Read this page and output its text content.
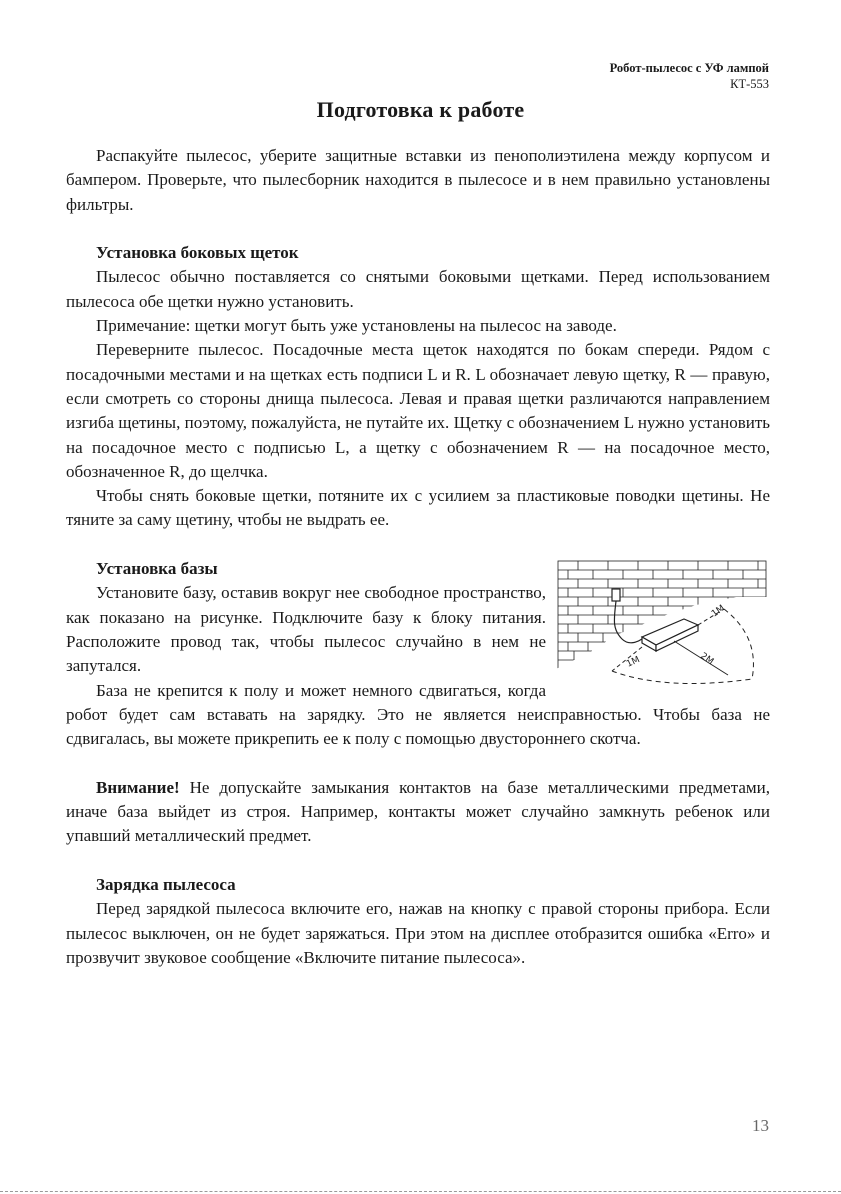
Робот-пылесос с УФ лампой
КТ-553
Подготовка к работе

Распакуйте пылесос, уберите защитные вставки из пенополиэтилена между корпусом и бампером. Проверьте, что пылесборник находится в пылесосе и в нем правильно установлены фильтры.

Установка боковых щеток

Пылесос обычно поставляется со снятыми боковыми щетками. Перед использованием пылесоса обе щетки нужно установить.

Примечание: щетки могут быть уже установлены на пылесос на заводе.

Переверните пылесос. Посадочные места щеток находятся по бокам спереди. Рядом с посадочными местами и на щетках есть подписи L и R. L обозначает левую щетку, R — правую, если смотреть со стороны днища пылесоса. Левая и правая щетки различаются направлением изгиба щетины, поэтому, пожалуйста, не путайте их. Щетку с обозначением L нужно установить на посадочное место с подписью L, а щетку с обозначением R — на посадочное место, обозначенное R, до щелчка.

Чтобы снять боковые щетки, потяните их с усилием за пластиковые поводки щетины. Не тяните за саму щетину, чтобы не выдрать ее.

1M
1M
2M
Установка базы

Установите базу, оставив вокруг нее свободное пространство, как показано на рисунке. Подключите базу к блоку питания. Расположите провод так, чтобы пылесос случайно в нем не запутался.

База не крепится к полу и может немного сдвигаться, когда робот будет сам вставать на зарядку. Это не является неисправностью. Чтобы база не сдвигалась, вы можете прикрепить ее к полу с помощью двустороннего скотча.

Внимание! Не допускайте замыкания контактов на базе металлическими предметами, иначе база выйдет из строя. Например, контакты может случайно замкнуть ребенок или упавший металлический предмет.

Зарядка пылесоса

Перед зарядкой пылесоса включите его, нажав на кнопку с правой стороны прибора. Если пылесос выключен, он не будет заряжаться. При этом на дисплее отобразится ошибка «Erro» и прозвучит звуковое сообщение «Включите питание пылесоса».

13
